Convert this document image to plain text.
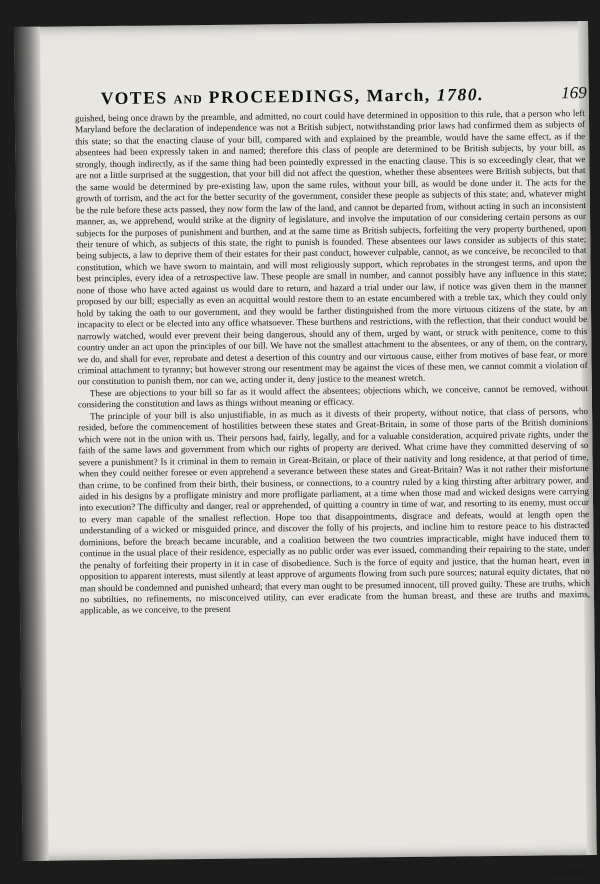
VOTES AND PROCEEDINGS, March, 1780.	169

guished, being once drawn by the preamble, and admitted, no court could have determined in opposition to this rule, that a person who left Maryland before the declaration of independence was not a British subject, notwithstanding prior laws had confirmed them as subjects of this state; so that the enacting clause of your bill, compared with and explained by the preamble, would have the same effect, as if the absentees had been expressly taken in and named; therefore this class of people are determined to be British subjects, by your bill, as strongly, though indirectly, as if the same thing had been pointedly expressed in the enacting clause. This is so exceedingly clear, that we are not a little surprised at the suggestion, that your bill did not affect the question, whether these absentees were British subjects, but that the same would be determined by pre-existing law, upon the same rules, without your bill, as would be done under it. The acts for the growth of torrism, and the act for the better security of the government, consider these people as subjects of this state; and, whatever might be the rule before these acts passed, they now form the law of the land, and cannot be departed from, without acting in such an inconsistent manner, as, we apprehend, would strike at the dignity of legislature, and involve the imputation of our considering certain persons as our subjects for the purposes of punishment and burthen, and at the same time as British subjects, forfeiting the very property burthened, upon their tenure of which, as subjects of this state, the right to punish is founded. These absentees our laws consider as subjects of this state; being subjects, a law to deprive them of their estates for their past conduct, however culpable, cannot, as we conceive, be reconciled to that constitution, which we have sworn to maintain, and will most religiously support, which reprobates in the strongest terms, and upon the best principles, every idea of a retrospective law. These people are small in number, and cannot possibly have any influence in this state; none of those who have acted against us would dare to return, and hazard a trial under our law, if notice was given them in the manner proposed by our bill; especially as even an acquittal would restore them to an estate encumbered with a treble tax, which they could only hold by taking the oath to our government, and they would be farther distinguished from the more virtuous citizens of the state, by an incapacity to elect or be elected into any office whatsoever. These burthens and restrictions, with the reflection, that their conduct would be narrowly watched, would ever prevent their being dangerous, should any of them, urged by want, or struck with penitence, come to this country under an act upon the principles of our bill. We have not the smallest attachment to the absentees, or any of them, on the contrary, we do, and shall for ever, reprobate and detest a desertion of this country and our virtuous cause, either from motives of base fear, or more criminal attachment to tyranny; but however strong our resentment may be against the vices of these men, we cannot commit a violation of our constitution to punish them, nor can we, acting under it, deny justice to the meanest wretch.

These are objections to your bill so far as it would affect the absentees; objections which, we conceive, cannot be removed, without considering the constitution and laws as things without meaning or efficacy.

The principle of your bill is also unjustifiable, in as much as it divests of their property, without notice, that class of persons, who resided, before the commencement of hostilities between these states and Great-Britain, in some of those parts of the British dominions which were not in the union with us. Their persons had, fairly, legally, and for a valuable consideration, acquired private rights, under the faith of the same laws and government from which our rights of property are derived. What crime have they committed deserving of so severe a punishment? Is it criminal in them to remain in Great-Britain, or place of their nativity and long residence, at that period of time, when they could neither foresee or even apprehend a severance between these states and Great-Britain? Was it not rather their misfortune than crime, to be confined from their birth, their business, or connections, to a country ruled by a king thirsting after arbitrary power, and aided in his designs by a profligate ministry and more profligate parliament, at a time when those mad and wicked designs were carrying into execution? The difficulty and danger, real or apprehended, of quitting a country in time of war, and resorting to its enemy, must occur to every man capable of the smallest reflection. Hope too that disappointments, disgrace and defeats, would at length open the understanding of a wicked or misguided prince, and discover the folly of his projects, and incline him to restore peace to his distracted dominions, before the breach became incurable, and a coalition between the two countries impracticable, might have induced them to continue in the usual place of their residence, especially as no public order was ever issued, commanding their repairing to the state, under the penalty of forfeiting their property in it in case of disobedience. Such is the force of equity and justice, that the human heart, even in opposition to apparent interests, must silently at least approve of arguments flowing from such pure sources; natural equity dictates, that no man should be condemned and punished unheard; that every man ought to be presumed innocent, till proved guilty. These are truths, which no subtilties, no refinements, no misconceived utility, can ever eradicate from the human breast, and these are truths and maxims, applicable, as we conceive, to the present

U u
question,
